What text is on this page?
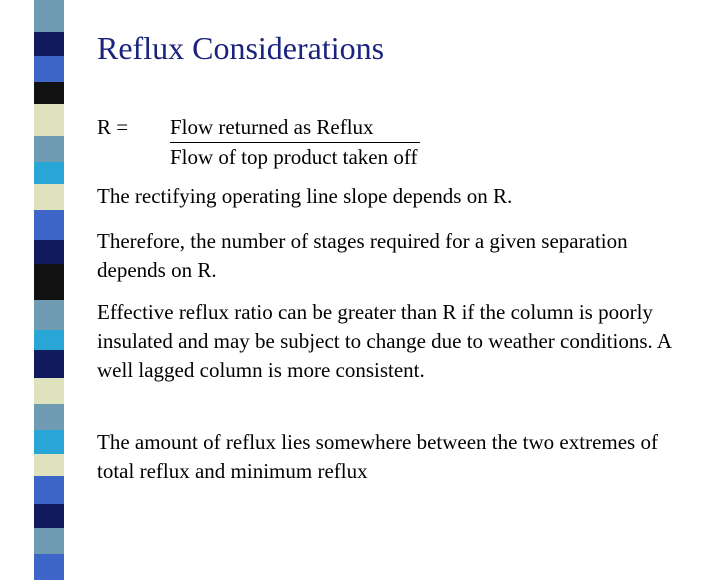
Reflux Considerations
R = Flow returned as Reflux
Flow of top product taken off
The rectifying operating line slope depends on R.
Therefore, the number of stages required for a given separation depends on R.
Effective reflux ratio can be greater than R if the column is poorly insulated and may be subject to change due to weather conditions. A well lagged column is more consistent.
The amount of reflux lies somewhere between the two extremes of total reflux and minimum reflux
